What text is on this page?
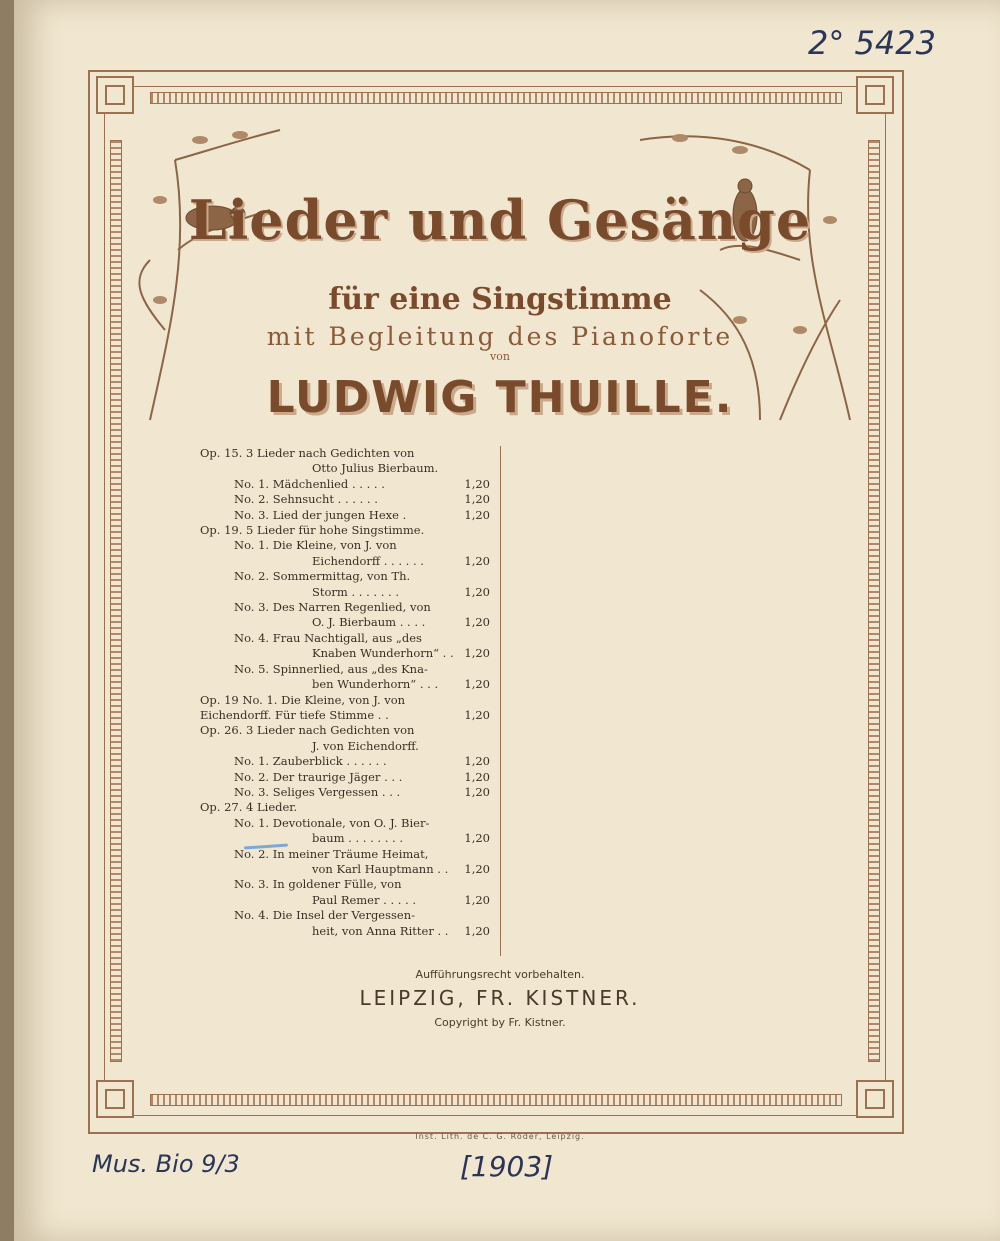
Lieder und Gesänge
für eine Singstimme
mit Begleitung des Pianoforte
von
LUDWIG THUILLE.
Op. 15. 3 Lieder nach Gedichten von
Otto Julius Bierbaum.
No. 1. Mädchenlied . . . . .	1,20
No. 2. Sehnsucht . . . . . .	1,20
No. 3. Lied der jungen Hexe .	1,20
Op. 19. 5 Lieder für hohe Singstimme.
No. 1. Die Kleine, von J. von
Eichendorff . . . . . .	1,20
No. 2. Sommermittag, von Th.
Storm . . . . . . .	1,20
No. 3. Des Narren Regenlied, von
O. J. Bierbaum . . . .	1,20
No. 4. Frau Nachtigall, aus „des
Knaben Wunderhorn“ . . 1,20
No. 5. Spinnerlied, aus „des Kna-
ben Wunderhorn“ . . .	1,20
Op. 19 No. 1. Die Kleine, von J. von
Eichendorff. Für tiefe Stimme . .	1,20
Op. 26. 3 Lieder nach Gedichten von
J. von Eichendorff.
No. 1. Zauberblick . . . . . .	1,20
No. 2. Der traurige Jäger . . .	1,20
No. 3. Seliges Vergessen . . .	1,20
Op. 27. 4 Lieder.
No. 1. Devotionale, von O. J. Bier-
baum . . . . . . . .	1,20
No. 2. In meiner Träume Heimat,
von Karl Hauptmann . .	1,20
No. 3. In goldener Fülle, von
Paul Remer . . . . .	1,20
No. 4. Die Insel der Vergessen-
heit, von Anna Ritter . .	1,20
Aufführungsrecht vorbehalten.
LEIPZIG, FR. KISTNER.
Copyright by Fr. Kistner.
Inst. Lith. de C. G. Röder, Leipzig.
2° 5423
Mus. Bio 9/3	[1903]
